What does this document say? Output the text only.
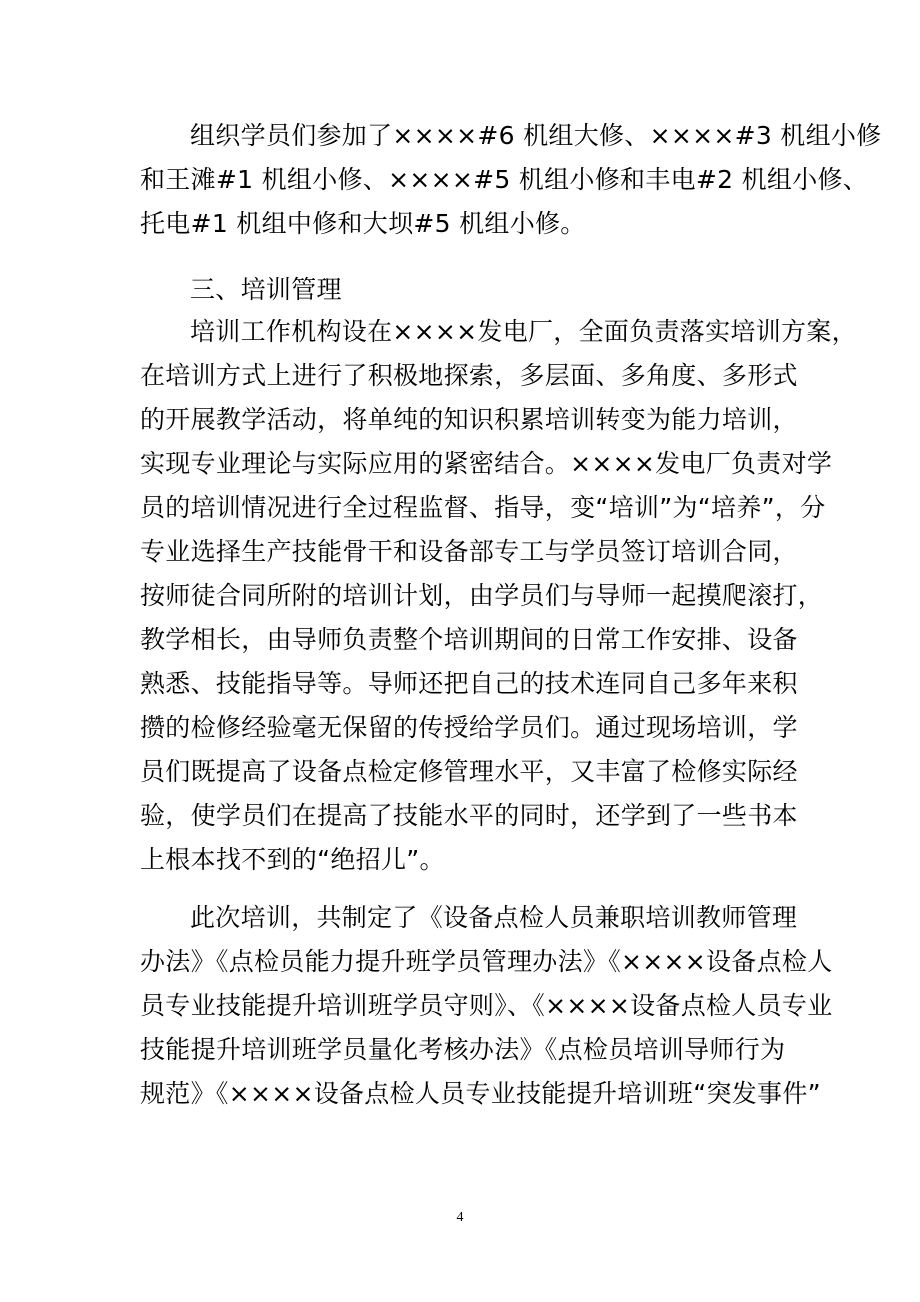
组织学员们参加了××××#6 机组大修、××××#3 机组小修
和王滩#1 机组小修、××××#5 机组小修和丰电#2 机组小修、
托电#1 机组中修和大坝#5 机组小修。
三、培训管理
培训工作机构设在××××发电厂，全面负责落实培训方案，
在培训方式上进行了积极地探索，多层面、多角度、多形式
的开展教学活动，将单纯的知识积累培训转变为能力培训，
实现专业理论与实际应用的紧密结合。××××发电厂负责对学
员的培训情况进行全过程监督、指导，变“培训”为“培养”，分
专业选择生产技能骨干和设备部专工与学员签订培训合同，
按师徒合同所附的培训计划，由学员们与导师一起摸爬滚打，
教学相长，由导师负责整个培训期间的日常工作安排、设备
熟悉、技能指导等。导师还把自己的技术连同自己多年来积
攒的检修经验毫无保留的传授给学员们。通过现场培训，学
员们既提高了设备点检定修管理水平，又丰富了检修实际经
验，使学员们在提高了技能水平的同时，还学到了一些书本
上根本找不到的“绝招儿”。
此次培训，共制定了《设备点检人员兼职培训教师管理
办法》《点检员能力提升班学员管理办法》《××××设备点检人
员专业技能提升培训班学员守则》、《××××设备点检人员专业
技能提升培训班学员量化考核办法》《点检员培训导师行为
规范》《××××设备点检人员专业技能提升培训班“突发事件”
4
